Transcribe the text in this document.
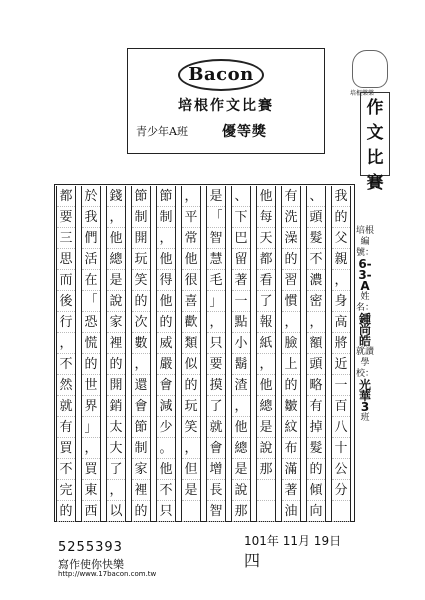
Bacon
培根作文比賽
青少年A班 優等獎
培根樂樂
作
文
比
賽
我
的
父
親
，
身
高
將
近
一
百
八
十
公
分
、
頭
髮
不
濃
密
，
額
頭
略
有
掉
髮
的
傾
向
有
洗
澡
的
習
慣
，
臉
上
的
皺
紋
布
滿
著
油
他
每
天
都
看
了
報
紙
，
他
總
是
說
那
、
下
巴
留
著
一
點
小
鬍
渣
，
他
總
是
說
那
是
「
智
慧
毛
」
，
只
要
摸
了
就
會
增
長
智
，
平
常
他
很
喜
歡
類
似
的
玩
笑
，
但
是
節
制
，
他
得
他
的
威
嚴
會
減
少
。
他
不
只
節
制
開
玩
笑
的
次
數
，
還
會
節
制
家
裡
的
錢
，
他
總
是
說
家
裡
的
開
銷
太
大
了
，
以
於
我
們
活
在
「
恐
慌
的
世
界
」
，
買
東
西
都
要
三
思
而
後
行
，
不
然
就
有
買
不
完
的
培根編號：
6-3-A
姓名：
鍾尚皓
就讀學校：
光華
3
班
5255393
寫作使你快樂
http://www.17bacon.com.tw
101年 11月 19日
四
